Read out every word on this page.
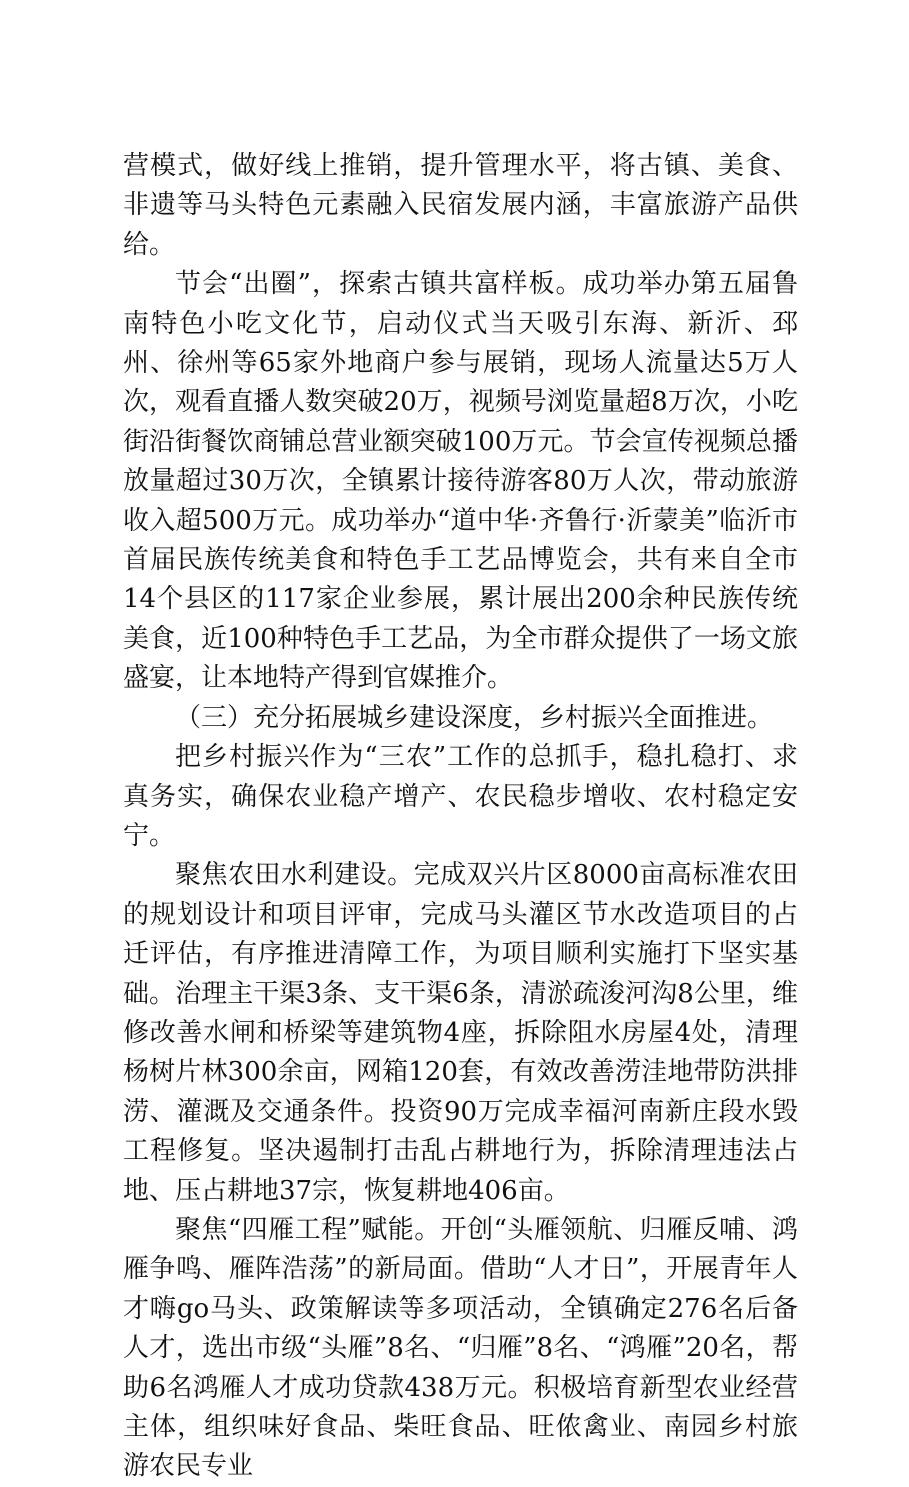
营模式，做好线上推销，提升管理水平，将古镇、美食、非遗等马头特色元素融入民宿发展内涵，丰富旅游产品供给。

节会“出圈”，探索古镇共富样板。成功举办第五届鲁南特色小吃文化节，启动仪式当天吸引东海、新沂、邳州、徐州等65家外地商户参与展销，现场人流量达5万人次，观看直播人数突破20万，视频号浏览量超8万次，小吃街沿街餐饮商铺总营业额突破100万元。节会宣传视频总播放量超过30万次，全镇累计接待游客80万人次，带动旅游收入超500万元。成功举办“道中华·齐鲁行·沂蒙美”临沂市首届民族传统美食和特色手工艺品博览会，共有来自全市14个县区的117家企业参展，累计展出200余种民族传统美食，近100种特色手工艺品，为全市群众提供了一场文旅盛宴，让本地特产得到官媒推介。

（三）充分拓展城乡建设深度，乡村振兴全面推进。

把乡村振兴作为“三农”工作的总抓手，稳扎稳打、求真务实，确保农业稳产增产、农民稳步增收、农村稳定安宁。

聚焦农田水利建设。完成双兴片区8000亩高标准农田的规划设计和项目评审，完成马头灌区节水改造项目的占迁评估，有序推进清障工作，为项目顺利实施打下坚实基础。治理主干渠3条、支干渠6条，清淤疏浚河沟8公里，维修改善水闸和桥梁等建筑物4座，拆除阻水房屋4处，清理杨树片林300余亩，网箱120套，有效改善涝洼地带防洪排涝、灌溉及交通条件。投资90万完成幸福河南新庄段水毁工程修复。坚决遏制打击乱占耕地行为，拆除清理违法占地、压占耕地37宗，恢复耕地406亩。

聚焦“四雁工程”赋能。开创“头雁领航、归雁反哺、鸿雁争鸣、雁阵浩荡”的新局面。借助“人才日”，开展青年人才嗨go马头、政策解读等多项活动，全镇确定276名后备人才，选出市级“头雁”8名、“归雁”8名、“鸿雁”20名，帮助6名鸿雁人才成功贷款438万元。积极培育新型农业经营主体，组织味好食品、柴旺食品、旺侬禽业、南园乡村旅游农民专业
